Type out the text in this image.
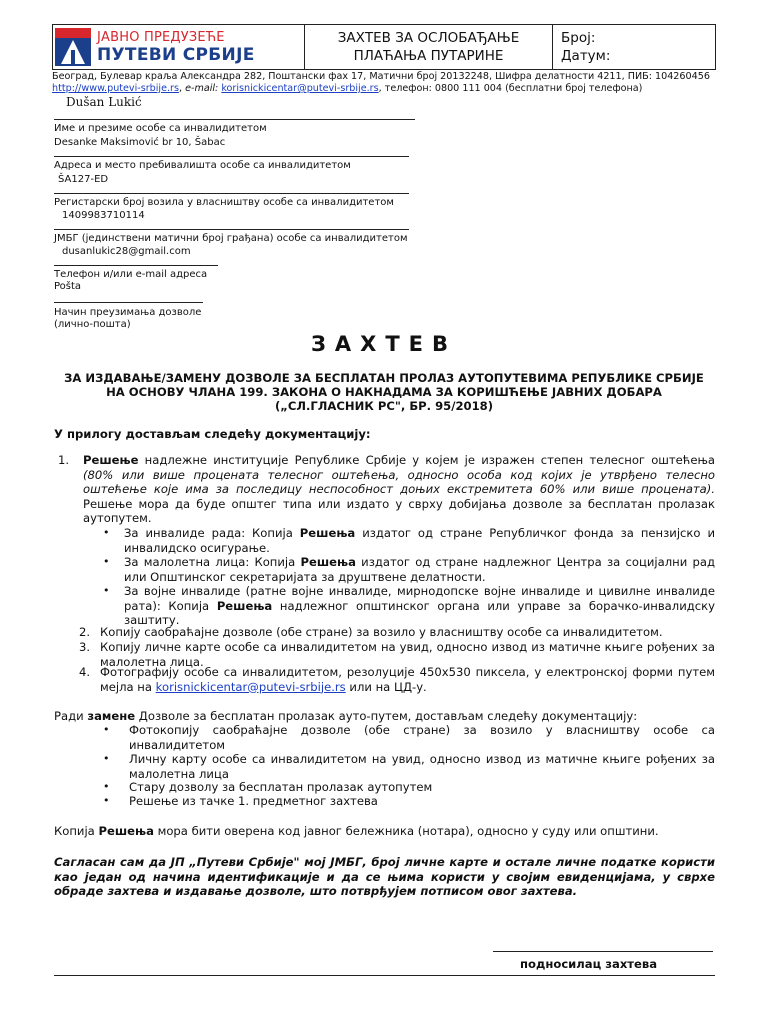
ЈАВНО ПРЕДУЗЕЋЕ
ПУТЕВИ СРБИЈЕ
ЗАХТЕВ ЗА ОСЛОБАЂАЊЕ
ПЛАЋАЊА ПУТАРИНЕ
Број:
Датум:
Београд, Булевар краља Александра 282, Поштански фах 17, Матични број 20132248, Шифра делатности 4211, ПИБ: 104260456
http://www.putevi-srbije.rs, e-mail: korisnickicentar@putevi-srbije.rs, телефон: 0800 111 004 (бесплатни број телефона)
Dušan Lukić
Име и презиме особе са инвалидитетом
Desanke Maksimović br 10, Šabac
Адреса и место пребивалишта особе са инвалидитетом
ŠA127-ED
Регистарски број возила у власништву особе са инвалидитетом
1409983710114
ЈМБГ (јединствени матични број грађана) особе са инвалидитетом
dusanlukic28@gmail.com
Телефон и/или e-mail адреса
Pošta
Начин преузимања дозволе
(лично-пошта)
ЗАХТЕВ
ЗА ИЗДАВАЊЕ/ЗАМЕНУ ДОЗВОЛЕ ЗА БЕСПЛАТАН ПРОЛАЗ АУТОПУТЕВИМА РЕПУБЛИКЕ СРБИЈЕ
НА ОСНОВУ ЧЛАНА 199. ЗАКОНА О НАКНАДАМА ЗА КОРИШЋЕЊЕ ЈАВНИХ ДОБАРА
(„СЛ.ГЛАСНИК РС", БР. 95/2018)
У прилогу достављам следећу документацију:
1. Решење надлежне институције Републике Србије у којем је изражен степен телесног оштећења (80% или више процената телесног оштећења, односно особа код којих је утврђено телесно оштећење које има за последицу неспособност доњих екстремитета 60% или више процената). Решење мора да буде општег типа или издато у сврху добијања дозволе за бесплатан пролазак аутопутем.
• За инвалиде рада: Копија Решења издатог од стране Републичког фонда за пензијско и инвалидско осигурање.
• За малолетна лица: Копија Решења издатог од стране надлежног Центра за социјални рад или Општинског секретаријата за друштвене делатности.
• За војне инвалиде (ратне војне инвалиде, мирнодопске војне инвалиде и цивилне инвалиде рата): Копија Решења надлежног општинског органа или управе за борачко-инвалидску заштиту.
2. Копију саобраћајне дозволе (обе стране) за возило у власништву особе са инвалидитетом.
3. Копију личне карте особе са инвалидитетом на увид, односно извод из матичне књиге рођених за малолетна лица.
4. Фотографију особе са инвалидитетом, резолуције 450x530 пиксела, у електронској форми путем мејла на korisnickicentar@putevi-srbije.rs или на ЦД-у.
Ради замене Дозволе за бесплатан пролазак ауто-путем, достављам следећу документацију:
• Фотокопију саобраћајне дозволе (обе стране) за возило у власништву особе са инвалидитетом
• Личну карту особе са инвалидитетом на увид, односно извод из матичне књиге рођених за малолетна лица
• Стару дозволу за бесплатан пролазак аутопутем
• Решење из тачке 1. предметног захтева
Копија Решења мора бити оверена код јавног бележника (нотара), односно у суду или општини.
Сагласан сам да ЈП „Путеви Србије" мој ЈМБГ, број личне карте и остале личне податке користи као један од начина идентификације и да се њима користи у својим евиденцијама, у сврхе обраде захтева и издавање дозволе, што потврђујем потписом овог захтева.
подносилац захтева
